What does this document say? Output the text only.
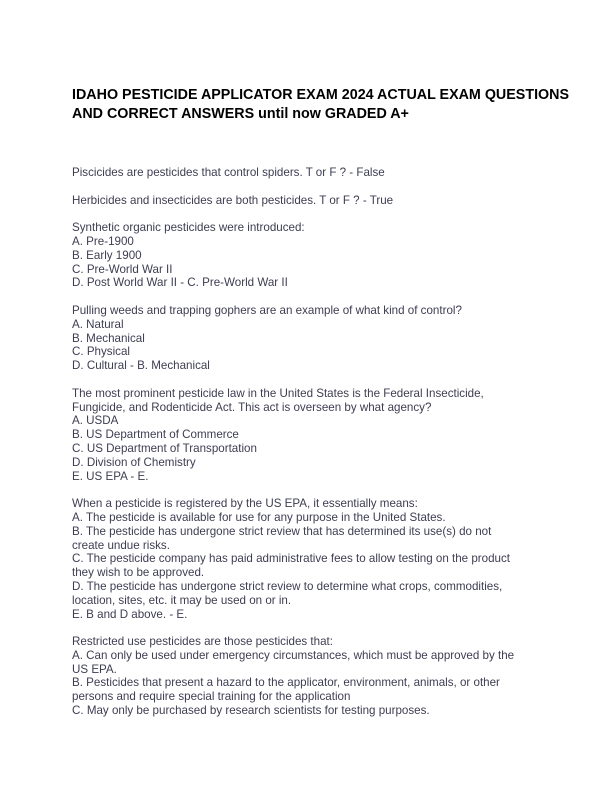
IDAHO PESTICIDE APPLICATOR EXAM 2024 ACTUAL EXAM QUESTIONS
AND CORRECT ANSWERS until now GRADED A+
Piscicides are pesticides that control spiders. T or F ? - False
Herbicides and insecticides are both pesticides. T or F ? - True
Synthetic organic pesticides were introduced:
A. Pre-1900
B. Early 1900
C. Pre-World War II
D. Post World War II - C. Pre-World War II
Pulling weeds and trapping gophers are an example of what kind of control?
A. Natural
B. Mechanical
C. Physical
D. Cultural - B. Mechanical
The most prominent pesticide law in the United States is the Federal Insecticide,
Fungicide, and Rodenticide Act. This act is overseen by what agency?
A. USDA
B. US Department of Commerce
C. US Department of Transportation
D. Division of Chemistry
E. US EPA - E.
When a pesticide is registered by the US EPA, it essentially means:
A. The pesticide is available for use for any purpose in the United States.
B. The pesticide has undergone strict review that has determined its use(s) do not
create undue risks.
C. The pesticide company has paid administrative fees to allow testing on the product
they wish to be approved.
D. The pesticide has undergone strict review to determine what crops, commodities,
location, sites, etc. it may be used on or in.
E. B and D above. - E.
Restricted use pesticides are those pesticides that:
A. Can only be used under emergency circumstances, which must be approved by the
US EPA.
B. Pesticides that present a hazard to the applicator, environment, animals, or other
persons and require special training for the application
C. May only be purchased by research scientists for testing purposes.
